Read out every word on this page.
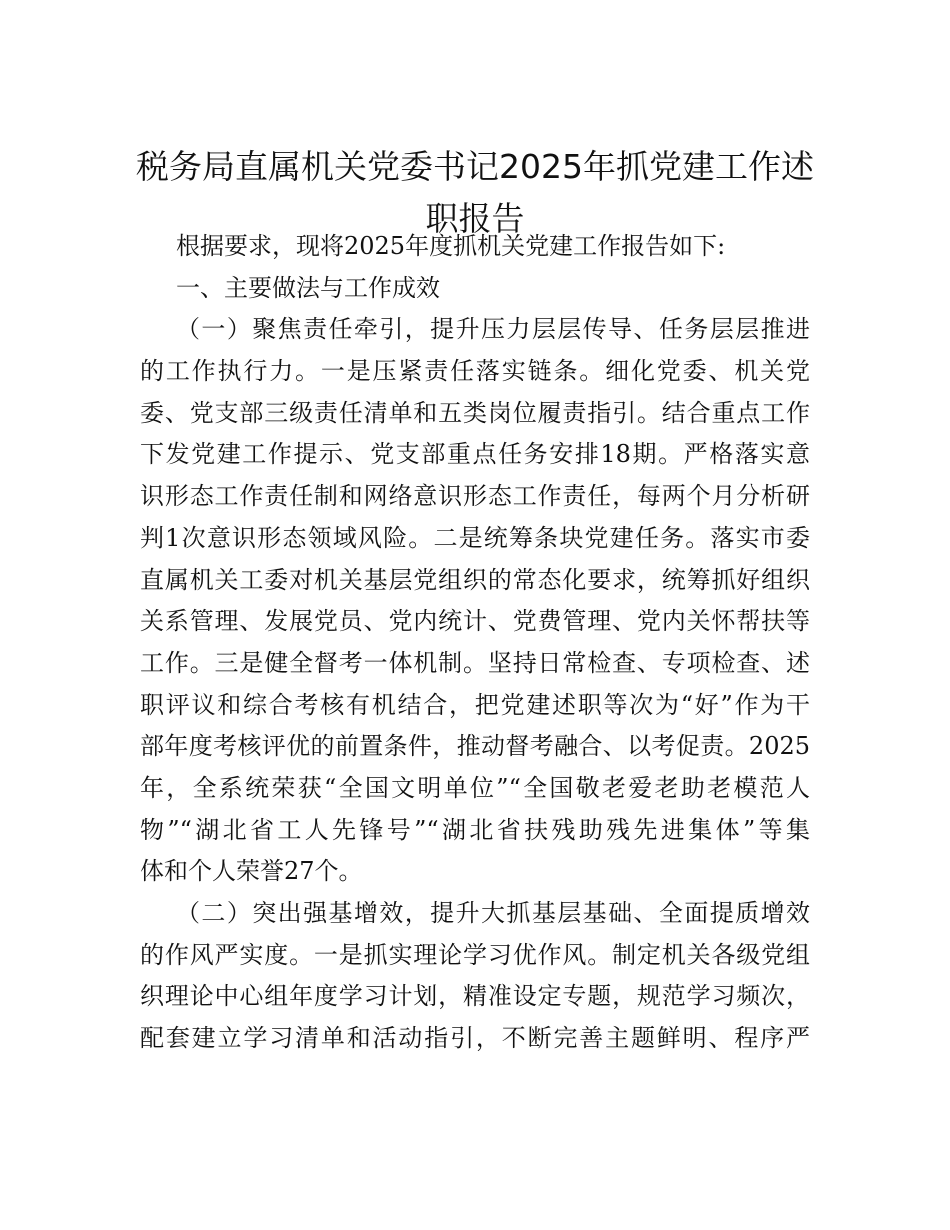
税务局直属机关党委书记2025年抓党建工作述
职报告
根据要求，现将2025年度抓机关党建工作报告如下:
一、主要做法与工作成效
（一）聚焦责任牵引，提升压力层层传导、任务层层推进
的工作执行力。一是压紧责任落实链条。细化党委、机关党
委、党支部三级责任清单和五类岗位履责指引。结合重点工作
下发党建工作提示、党支部重点任务安排18期。严格落实意
识形态工作责任制和网络意识形态工作责任，每两个月分析研
判1次意识形态领域风险。二是统筹条块党建任务。落实市委
直属机关工委对机关基层党组织的常态化要求，统筹抓好组织
关系管理、发展党员、党内统计、党费管理、党内关怀帮扶等
工作。三是健全督考一体机制。坚持日常检查、专项检查、述
职评议和综合考核有机结合，把党建述职等次为“好”作为干
部年度考核评优的前置条件，推动督考融合、以考促责。2025
年，全系统荣获“全国文明单位”“全国敬老爱老助老模范人
物”“湖北省工人先锋号”“湖北省扶残助残先进集体”等集
体和个人荣誉27个。
（二）突出强基增效，提升大抓基层基础、全面提质增效
的作风严实度。一是抓实理论学习优作风。制定机关各级党组
织理论中心组年度学习计划，精准设定专题，规范学习频次，
配套建立学习清单和活动指引，不断完善主题鲜明、程序严
